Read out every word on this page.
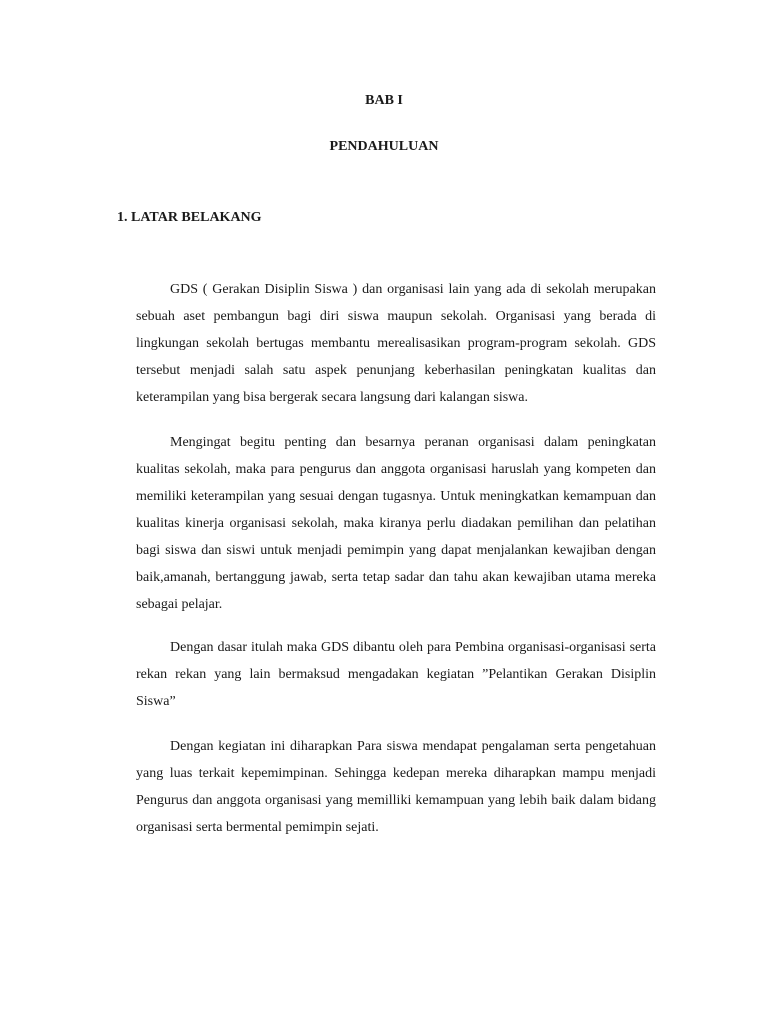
BAB I

PENDAHULUAN

1. LATAR BELAKANG

GDS ( Gerakan Disiplin Siswa ) dan organisasi lain yang ada di sekolah merupakan sebuah aset pembangun bagi diri siswa maupun sekolah. Organisasi yang berada di lingkungan sekolah bertugas membantu merealisasikan program-program sekolah. GDS tersebut menjadi salah satu aspek penunjang keberhasilan peningkatan kualitas dan keterampilan yang bisa bergerak secara langsung dari kalangan siswa.

Mengingat begitu penting dan besarnya peranan organisasi dalam peningkatan kualitas sekolah, maka para pengurus dan anggota organisasi haruslah yang kompeten dan memiliki keterampilan yang sesuai dengan tugasnya. Untuk meningkatkan kemampuan dan kualitas kinerja organisasi sekolah, maka kiranya perlu diadakan pemilihan dan pelatihan bagi siswa dan siswi untuk menjadi pemimpin yang dapat menjalankan kewajiban dengan baik,amanah, bertanggung jawab, serta tetap sadar dan tahu akan kewajiban utama mereka sebagai pelajar.

Dengan dasar itulah maka GDS dibantu oleh para Pembina organisasi-organisasi serta rekan rekan yang lain bermaksud mengadakan kegiatan ”Pelantikan Gerakan Disiplin Siswa”

Dengan kegiatan ini diharapkan Para siswa mendapat pengalaman serta pengetahuan yang luas terkait kepemimpinan. Sehingga kedepan mereka diharapkan mampu menjadi Pengurus dan anggota organisasi yang memilliki kemampuan yang lebih baik dalam bidang organisasi serta bermental pemimpin sejati.
